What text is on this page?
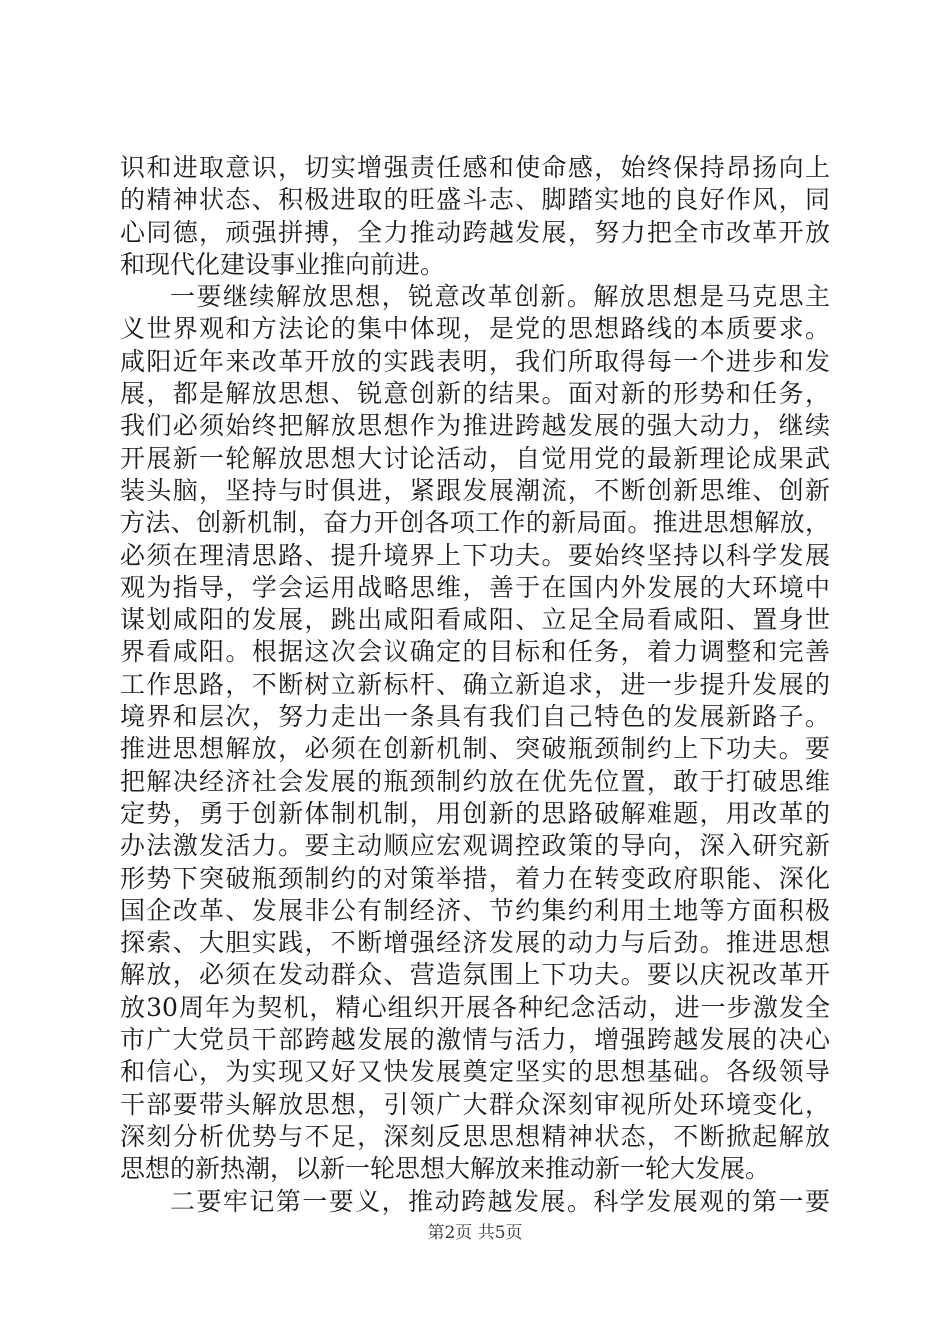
识和进取意识，切实增强责任感和使命感，始终保持昂扬向上
的精神状态、积极进取的旺盛斗志、脚踏实地的良好作风，同
心同德，顽强拼搏，全力推动跨越发展，努力把全市改革开放
和现代化建设事业推向前进。
一要继续解放思想，锐意改革创新。解放思想是马克思主
义世界观和方法论的集中体现，是党的思想路线的本质要求。
咸阳近年来改革开放的实践表明，我们所取得每一个进步和发
展，都是解放思想、锐意创新的结果。面对新的形势和任务，
我们必须始终把解放思想作为推进跨越发展的强大动力，继续
开展新一轮解放思想大讨论活动，自觉用党的最新理论成果武
装头脑，坚持与时俱进，紧跟发展潮流，不断创新思维、创新
方法、创新机制，奋力开创各项工作的新局面。推进思想解放，
必须在理清思路、提升境界上下功夫。要始终坚持以科学发展
观为指导，学会运用战略思维，善于在国内外发展的大环境中
谋划咸阳的发展，跳出咸阳看咸阳、立足全局看咸阳、置身世
界看咸阳。根据这次会议确定的目标和任务，着力调整和完善
工作思路，不断树立新标杆、确立新追求，进一步提升发展的
境界和层次，努力走出一条具有我们自己特色的发展新路子。
推进思想解放，必须在创新机制、突破瓶颈制约上下功夫。要
把解决经济社会发展的瓶颈制约放在优先位置，敢于打破思维
定势，勇于创新体制机制，用创新的思路破解难题，用改革的
办法激发活力。要主动顺应宏观调控政策的导向，深入研究新
形势下突破瓶颈制约的对策举措，着力在转变政府职能、深化
国企改革、发展非公有制经济、节约集约利用土地等方面积极
探索、大胆实践，不断增强经济发展的动力与后劲。推进思想
解放，必须在发动群众、营造氛围上下功夫。要以庆祝改革开
放30周年为契机，精心组织开展各种纪念活动，进一步激发全
市广大党员干部跨越发展的激情与活力，增强跨越发展的决心
和信心，为实现又好又快发展奠定坚实的思想基础。各级领导
干部要带头解放思想，引领广大群众深刻审视所处环境变化，
深刻分析优势与不足，深刻反思思想精神状态，不断掀起解放
思想的新热潮，以新一轮思想大解放来推动新一轮大发展。
二要牢记第一要义，推动跨越发展。科学发展观的第一要
第2页 共5页
